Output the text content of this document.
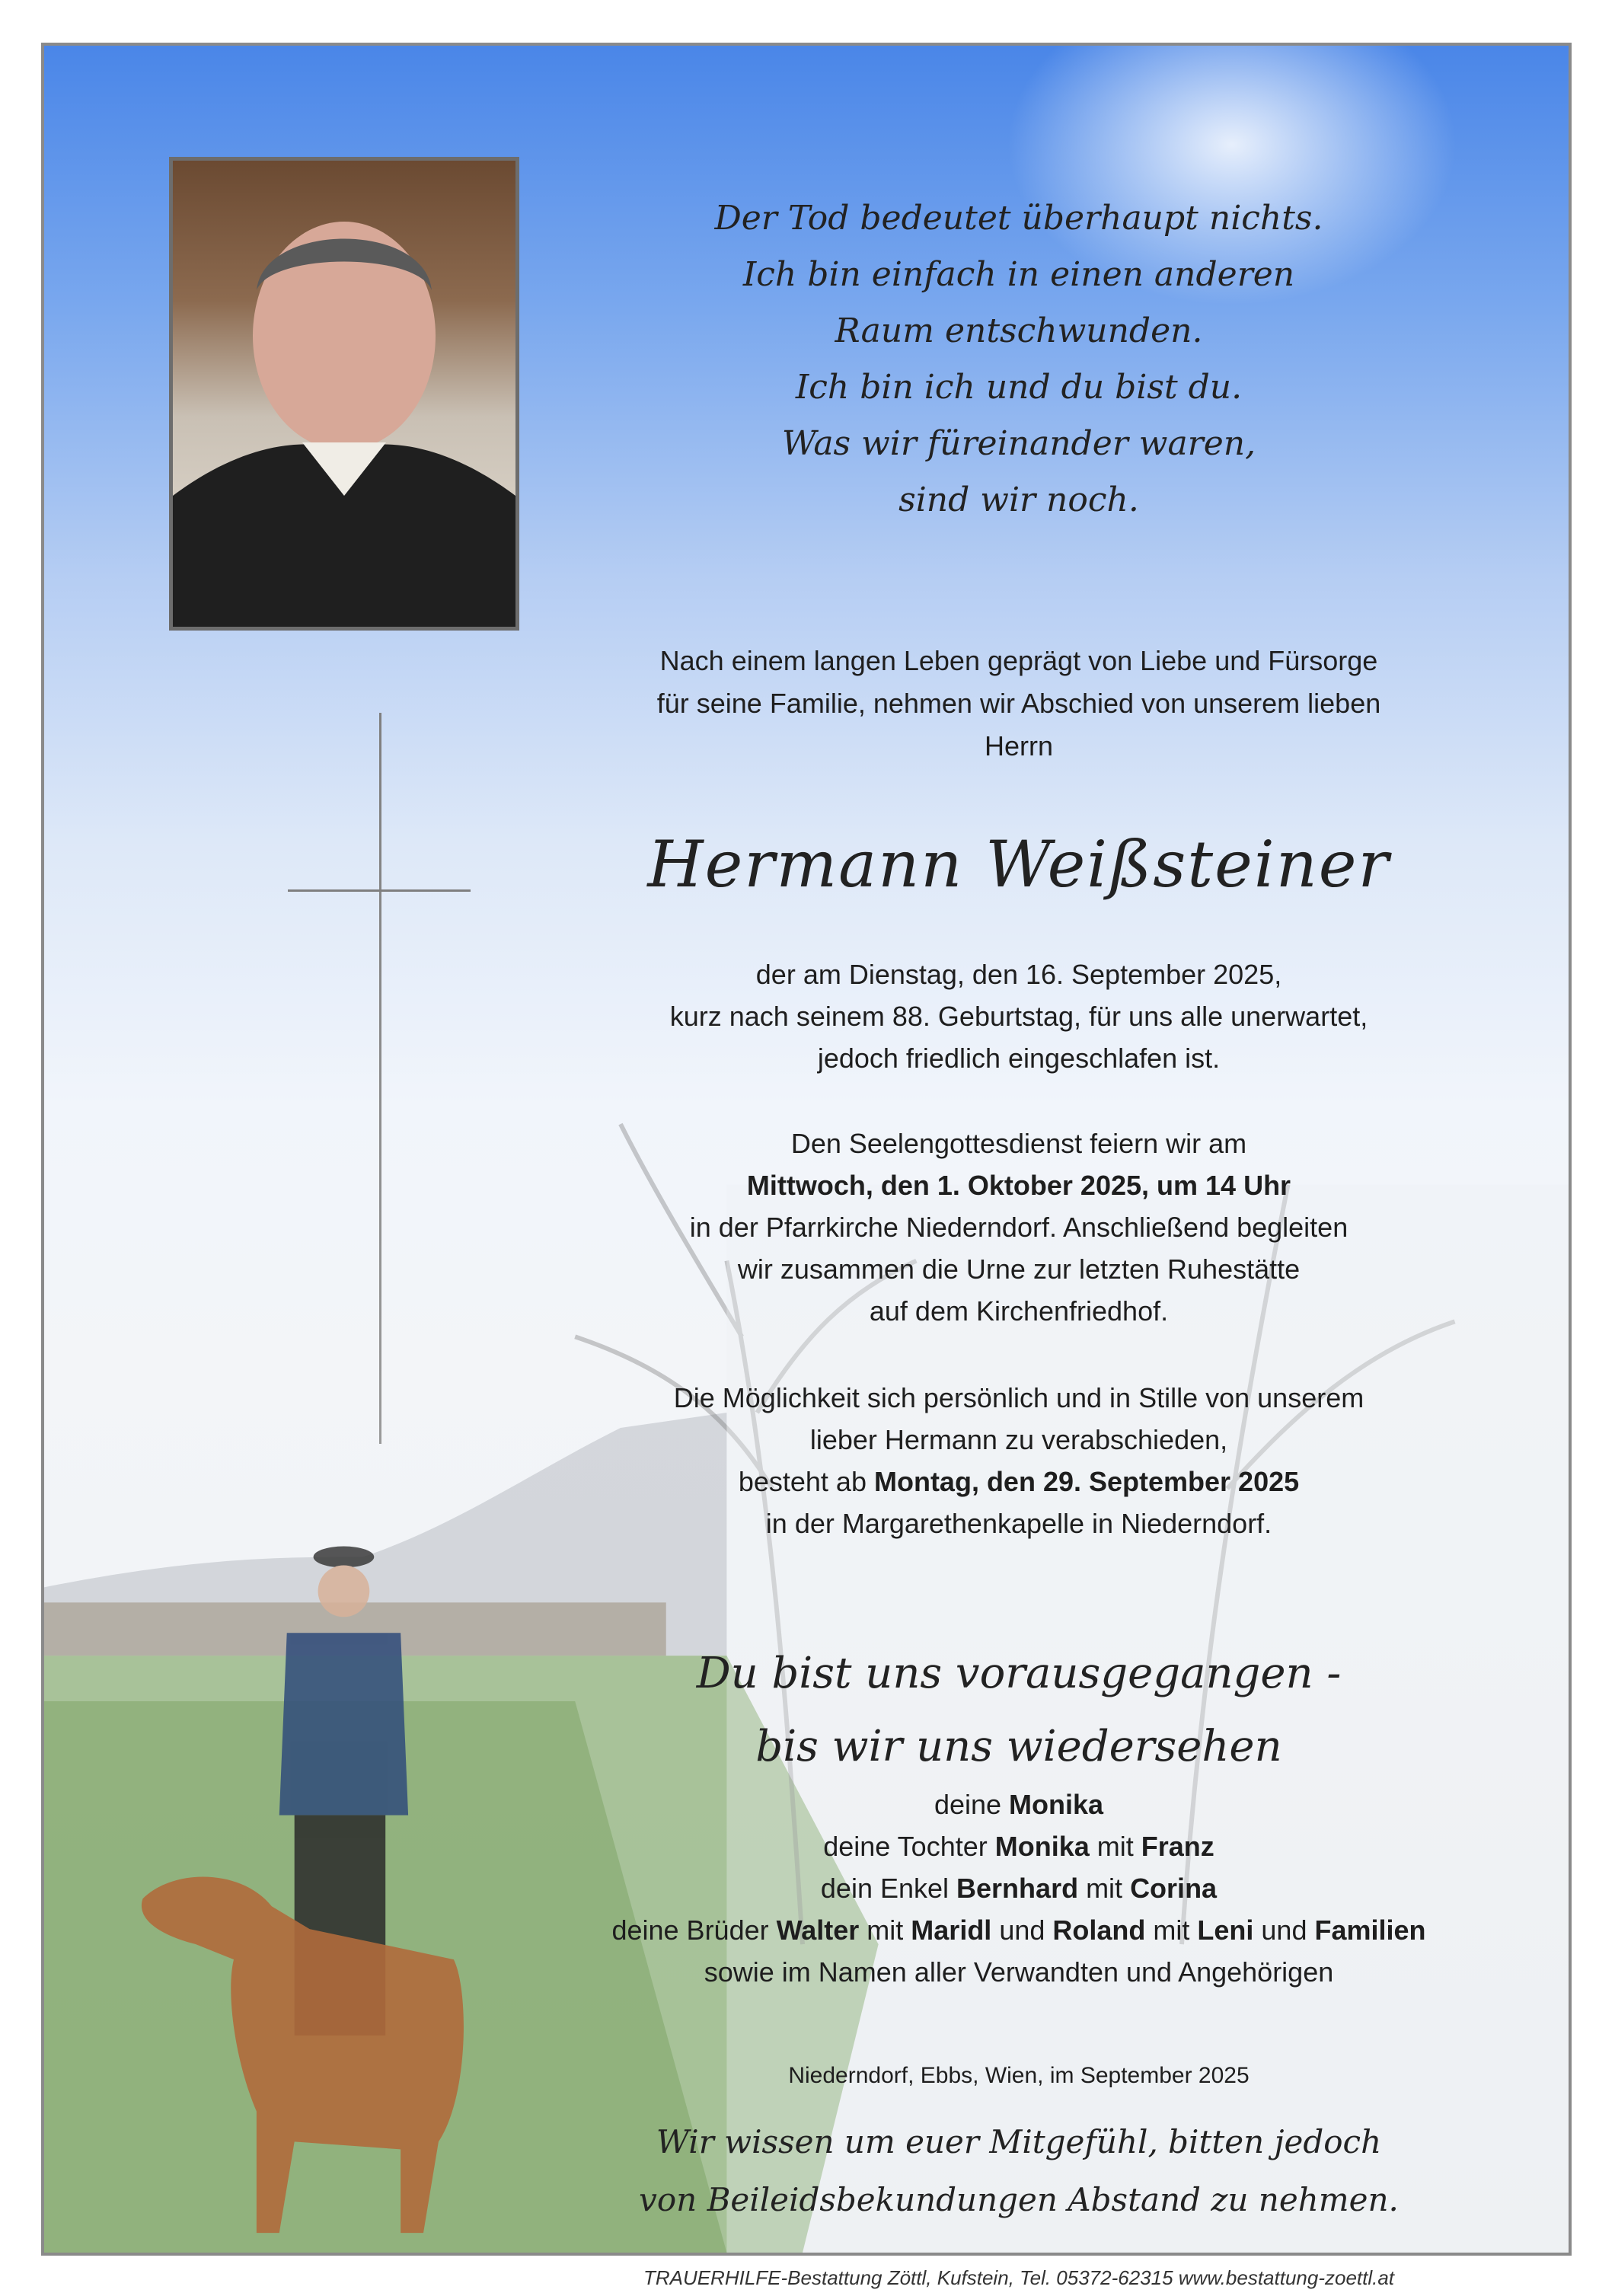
Der Tod bedeutet überhaupt nichts.
Ich bin einfach in einen anderen
Raum entschwunden.
Ich bin ich und du bist du.
Was wir füreinander waren,
sind wir noch.
Nach einem langen Leben geprägt von Liebe und Fürsorge
für seine Familie, nehmen wir Abschied von unserem lieben
Herrn
Hermann Weißsteiner
der am Dienstag, den 16. September 2025,
kurz nach seinem 88. Geburtstag, für uns alle unerwartet,
jedoch friedlich eingeschlafen ist.
Den Seelengottesdienst feiern wir am
Mittwoch, den 1. Oktober 2025, um 14 Uhr
in der Pfarrkirche Niederndorf. Anschließend begleiten
wir zusammen die Urne zur letzten Ruhestätte
auf dem Kirchenfriedhof.
Die Möglichkeit sich persönlich und in Stille von unserem
lieber Hermann zu verabschieden,
besteht ab Montag, den 29. September 2025
in der Margarethenkapelle in Niederndorf.
Du bist uns vorausgegangen -
bis wir uns wiedersehen
deine Monika
deine Tochter Monika mit Franz
dein Enkel Bernhard mit Corina
deine Brüder Walter mit Maridl und Roland mit Leni und Familien
sowie im Namen aller Verwandten und Angehörigen
Niederndorf, Ebbs, Wien, im September 2025
Wir wissen um euer Mitgefühl, bitten jedoch
von Beileidsbekundungen Abstand zu nehmen.
TRAUERHILFE-Bestattung Zöttl, Kufstein, Tel. 05372-62315 www.bestattung-zoettl.at
